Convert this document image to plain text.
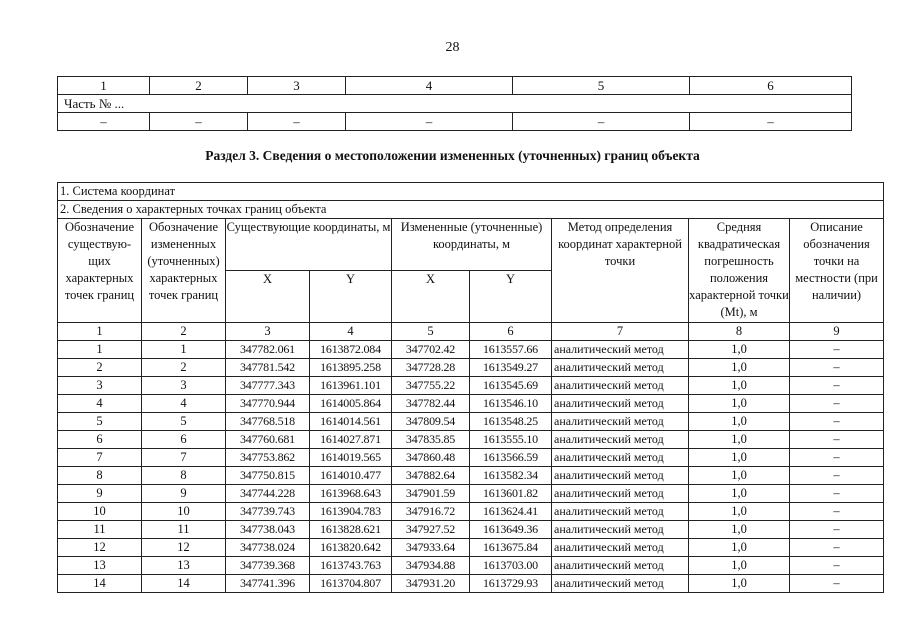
28
1	2	3	4	5	6
Часть № ...					
–	–	–	–	–	–
Раздел 3. Сведения о местоположении измененных (уточненных) границ объекта
1. Система координат								
2. Сведения о характерных точках границ объекта								
Обозначение существую-щих характерных точек границ	Обозначение измененных (уточненных) характерных точек границ	Существующие координаты, м		Измененные (уточненные) координаты, м		Метод определения координат характерной точки	Средняя квадратическая погрешность положения характерной точки (Mt), м	Описание обозначения точки на местности (при наличии)
		X	Y	X	Y			
1	2	3	4	5	6	7	8	9
1	1	347782.061	1613872.084	347702.42	1613557.66	аналитический метод	1,0	–
2	2	347781.542	1613895.258	347728.28	1613549.27	аналитический метод	1,0	–
3	3	347777.343	1613961.101	347755.22	1613545.69	аналитический метод	1,0	–
4	4	347770.944	1614005.864	347782.44	1613546.10	аналитический метод	1,0	–
5	5	347768.518	1614014.561	347809.54	1613548.25	аналитический метод	1,0	–
6	6	347760.681	1614027.871	347835.85	1613555.10	аналитический метод	1,0	–
7	7	347753.862	1614019.565	347860.48	1613566.59	аналитический метод	1,0	–
8	8	347750.815	1614010.477	347882.64	1613582.34	аналитический метод	1,0	–
9	9	347744.228	1613968.643	347901.59	1613601.82	аналитический метод	1,0	–
10	10	347739.743	1613904.783	347916.72	1613624.41	аналитический метод	1,0	–
11	11	347738.043	1613828.621	347927.52	1613649.36	аналитический метод	1,0	–
12	12	347738.024	1613820.642	347933.64	1613675.84	аналитический метод	1,0	–
13	13	347739.368	1613743.763	347934.88	1613703.00	аналитический метод	1,0	–
14	14	347741.396	1613704.807	347931.20	1613729.93	аналитический метод	1,0	–
